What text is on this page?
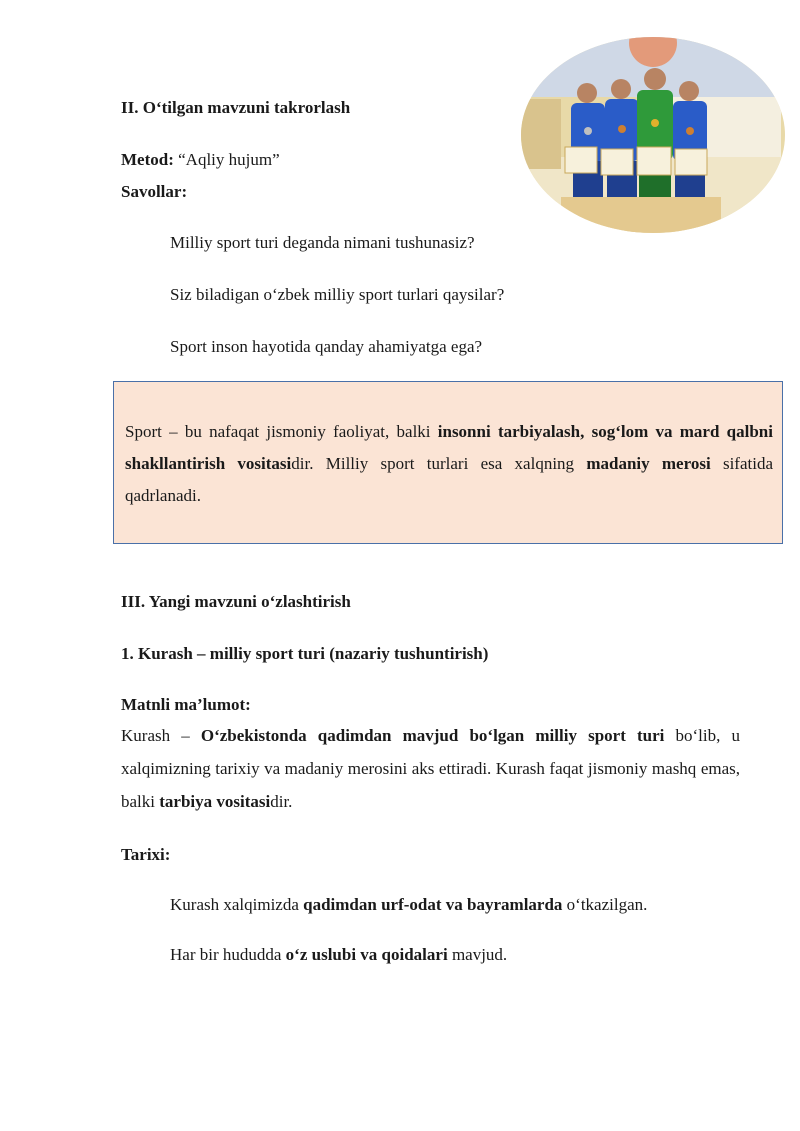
II. O‘tilgan mavzuni takrorlash
Metod: “Aqliy hujum”
Savollar:
Milliy sport turi deganda nimani tushunasiz?
Siz biladigan o‘zbek milliy sport turlari qaysilar?
Sport inson hayotida qanday ahamiyatga ega?
Sport – bu nafaqat jismoniy faoliyat, balki insonni tarbiyalash, sog‘lom va mard qalbni shakllantirish vositasidir. Milliy sport turlari esa xalqning madaniy merosi sifatida qadrlanadi.
III. Yangi mavzuni o‘zlashtirish
1. Kurash – milliy sport turi (nazariy tushuntirish)
Matnli ma’lumot:
Kurash – O‘zbekistonda qadimdan mavjud bo‘lgan milliy sport turi bo‘lib, u xalqimizning tarixiy va madaniy merosini aks ettiradi. Kurash faqat jismoniy mashq emas, balki tarbiya vositasidir.
Tarixi:
Kurash xalqimizda qadimdan urf-odat va bayramlarda o‘tkazilgan.
Har bir hududda o‘z uslubi va qoidalari mavjud.
